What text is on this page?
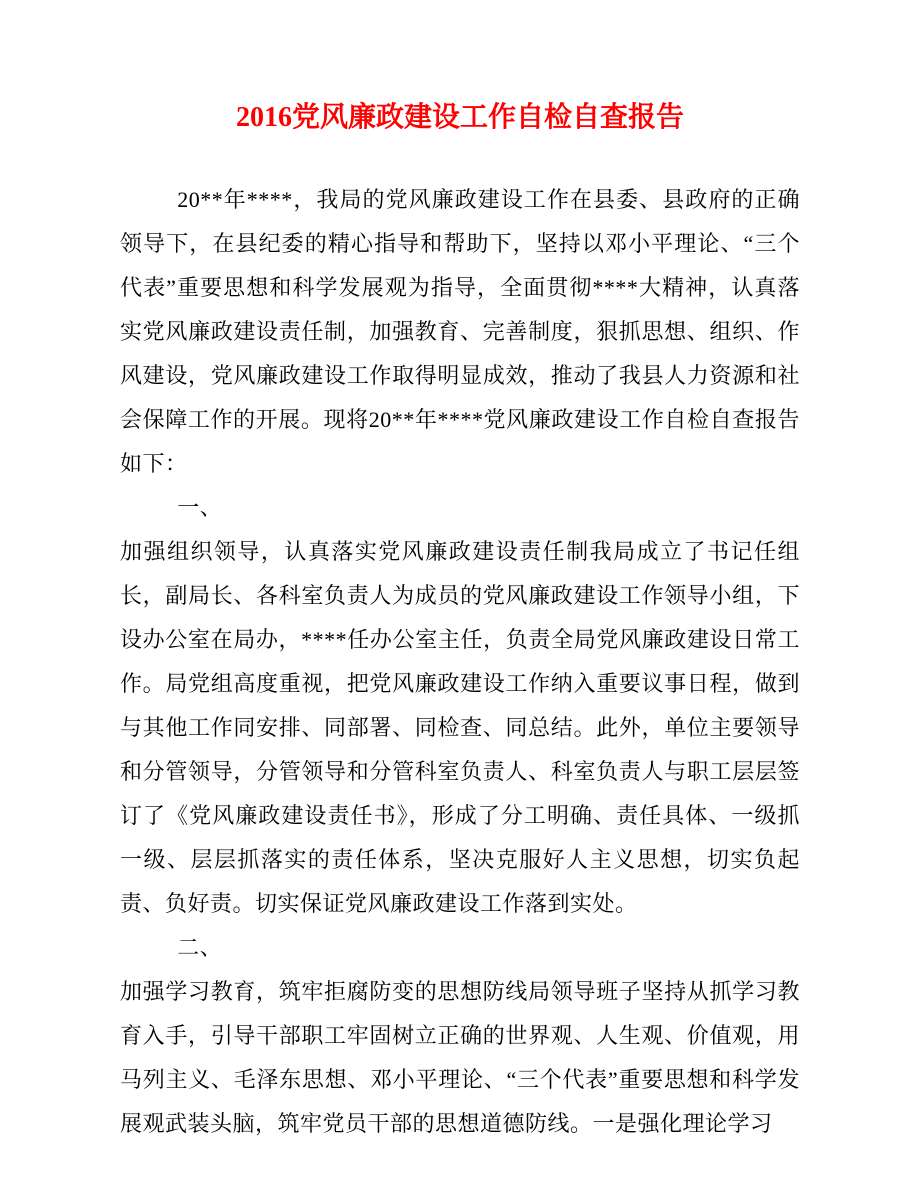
2016党风廉政建设工作自检自查报告

20**年****，我局的党风廉政建设工作在县委、县政府的正确领导下，在县纪委的精心指导和帮助下，坚持以邓小平理论、“三个代表”重要思想和科学发展观为指导，全面贯彻****大精神，认真落实党风廉政建设责任制，加强教育、完善制度，狠抓思想、组织、作风建设，党风廉政建设工作取得明显成效，推动了我县人力资源和社会保障工作的开展。现将20**年****党风廉政建设工作自检自查报告如下：

一、

加强组织领导，认真落实党风廉政建设责任制我局成立了书记任组长，副局长、各科室负责人为成员的党风廉政建设工作领导小组，下设办公室在局办，****任办公室主任，负责全局党风廉政建设日常工作。局党组高度重视，把党风廉政建设工作纳入重要议事日程，做到与其他工作同安排、同部署、同检查、同总结。此外，单位主要领导和分管领导，分管领导和分管科室负责人、科室负责人与职工层层签订了《党风廉政建设责任书》，形成了分工明确、责任具体、一级抓一级、层层抓落实的责任体系，坚决克服好人主义思想，切实负起责、负好责。切实保证党风廉政建设工作落到实处。

二、

加强学习教育，筑牢拒腐防变的思想防线局领导班子坚持从抓学习教育入手，引导干部职工牢固树立正确的世界观、人生观、价值观，用马列主义、毛泽东思想、邓小平理论、“三个代表”重要思想和科学发展观武装头脑，筑牢党员干部的思想道德防线。一是强化理论学习
